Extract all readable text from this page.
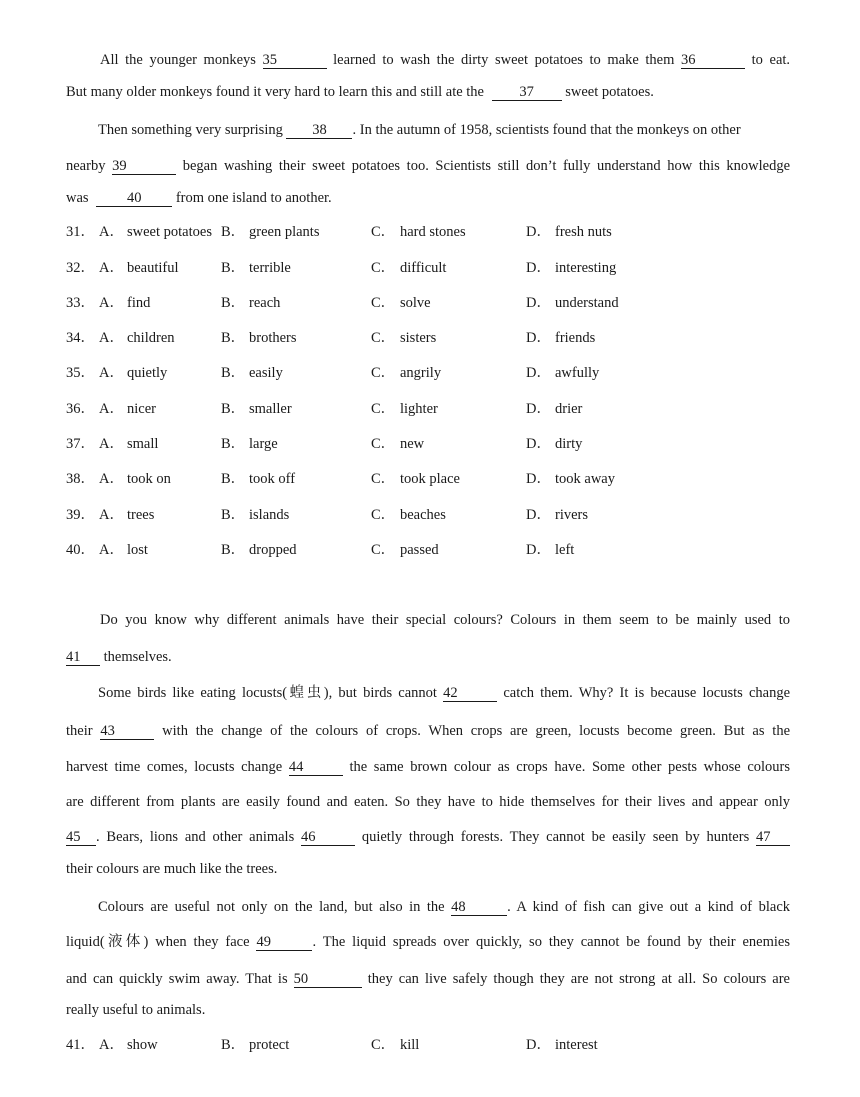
All the younger monkeys 35	learned to wash the dirty sweet potatoes to make them 36	to eat.
But many older monkeys found it very hard to learn this and still ate the 37 sweet potatoes.
Then something very surprising 38 . In the autumn of 1958, scientists found that the monkeys on other
nearby 39	began washing their sweet potatoes too. Scientists still don’t fully understand how this knowledge
was	40 from one island to another.
31． A． sweet potatoes B． green plants	C． hard stones	D． fresh nuts
32． A． beautiful	B． terrible	C． difficult	D． interesting
33． A． find	B． reach	C． solve	D． understand
34． A． children	B． brothers	C． sisters	D． friends
35． A． quietly	B． easily	C． angrily	D． awfully
36． A． nicer	B． smaller	C． lighter	D． drier
37． A． small	B． large	C． new	D． dirty
38． A． took on	B． took off	C． took place	D． took away
39． A． trees	B． islands	C． beaches	D． rivers
40． A． lost	B． dropped	C． passed	D． left
Do you know why different animals have their special colours? Colours in them seem to be mainly used to
41 themselves.
Some birds like eating locusts(蝗虫), but birds cannot 42	catch them. Why? It is because locusts change
their 43	with the change of the colours of crops. When crops are green, locusts become green. But as the
harvest time comes, locusts change 44	the same brown colour as crops have. Some other pests whose colours
are different from plants are easily found and eaten. So they have to hide themselves for their lives and appear only
45 . Bears, lions and other animals 46	quietly through forests. They cannot be easily seen by hunters 47
their colours are much like the trees.
Colours are useful not only on the land, but also in the 48	. A kind of fish can give out a kind of black
liquid(液体) when they face 49	. The liquid spreads over quickly, so they cannot be found by their enemies
and can quickly swim away. That is 50	they can live safely though they are not strong at all. So colours are
really useful to animals.
41． A． show	B． protect	C． kill	D． interest
